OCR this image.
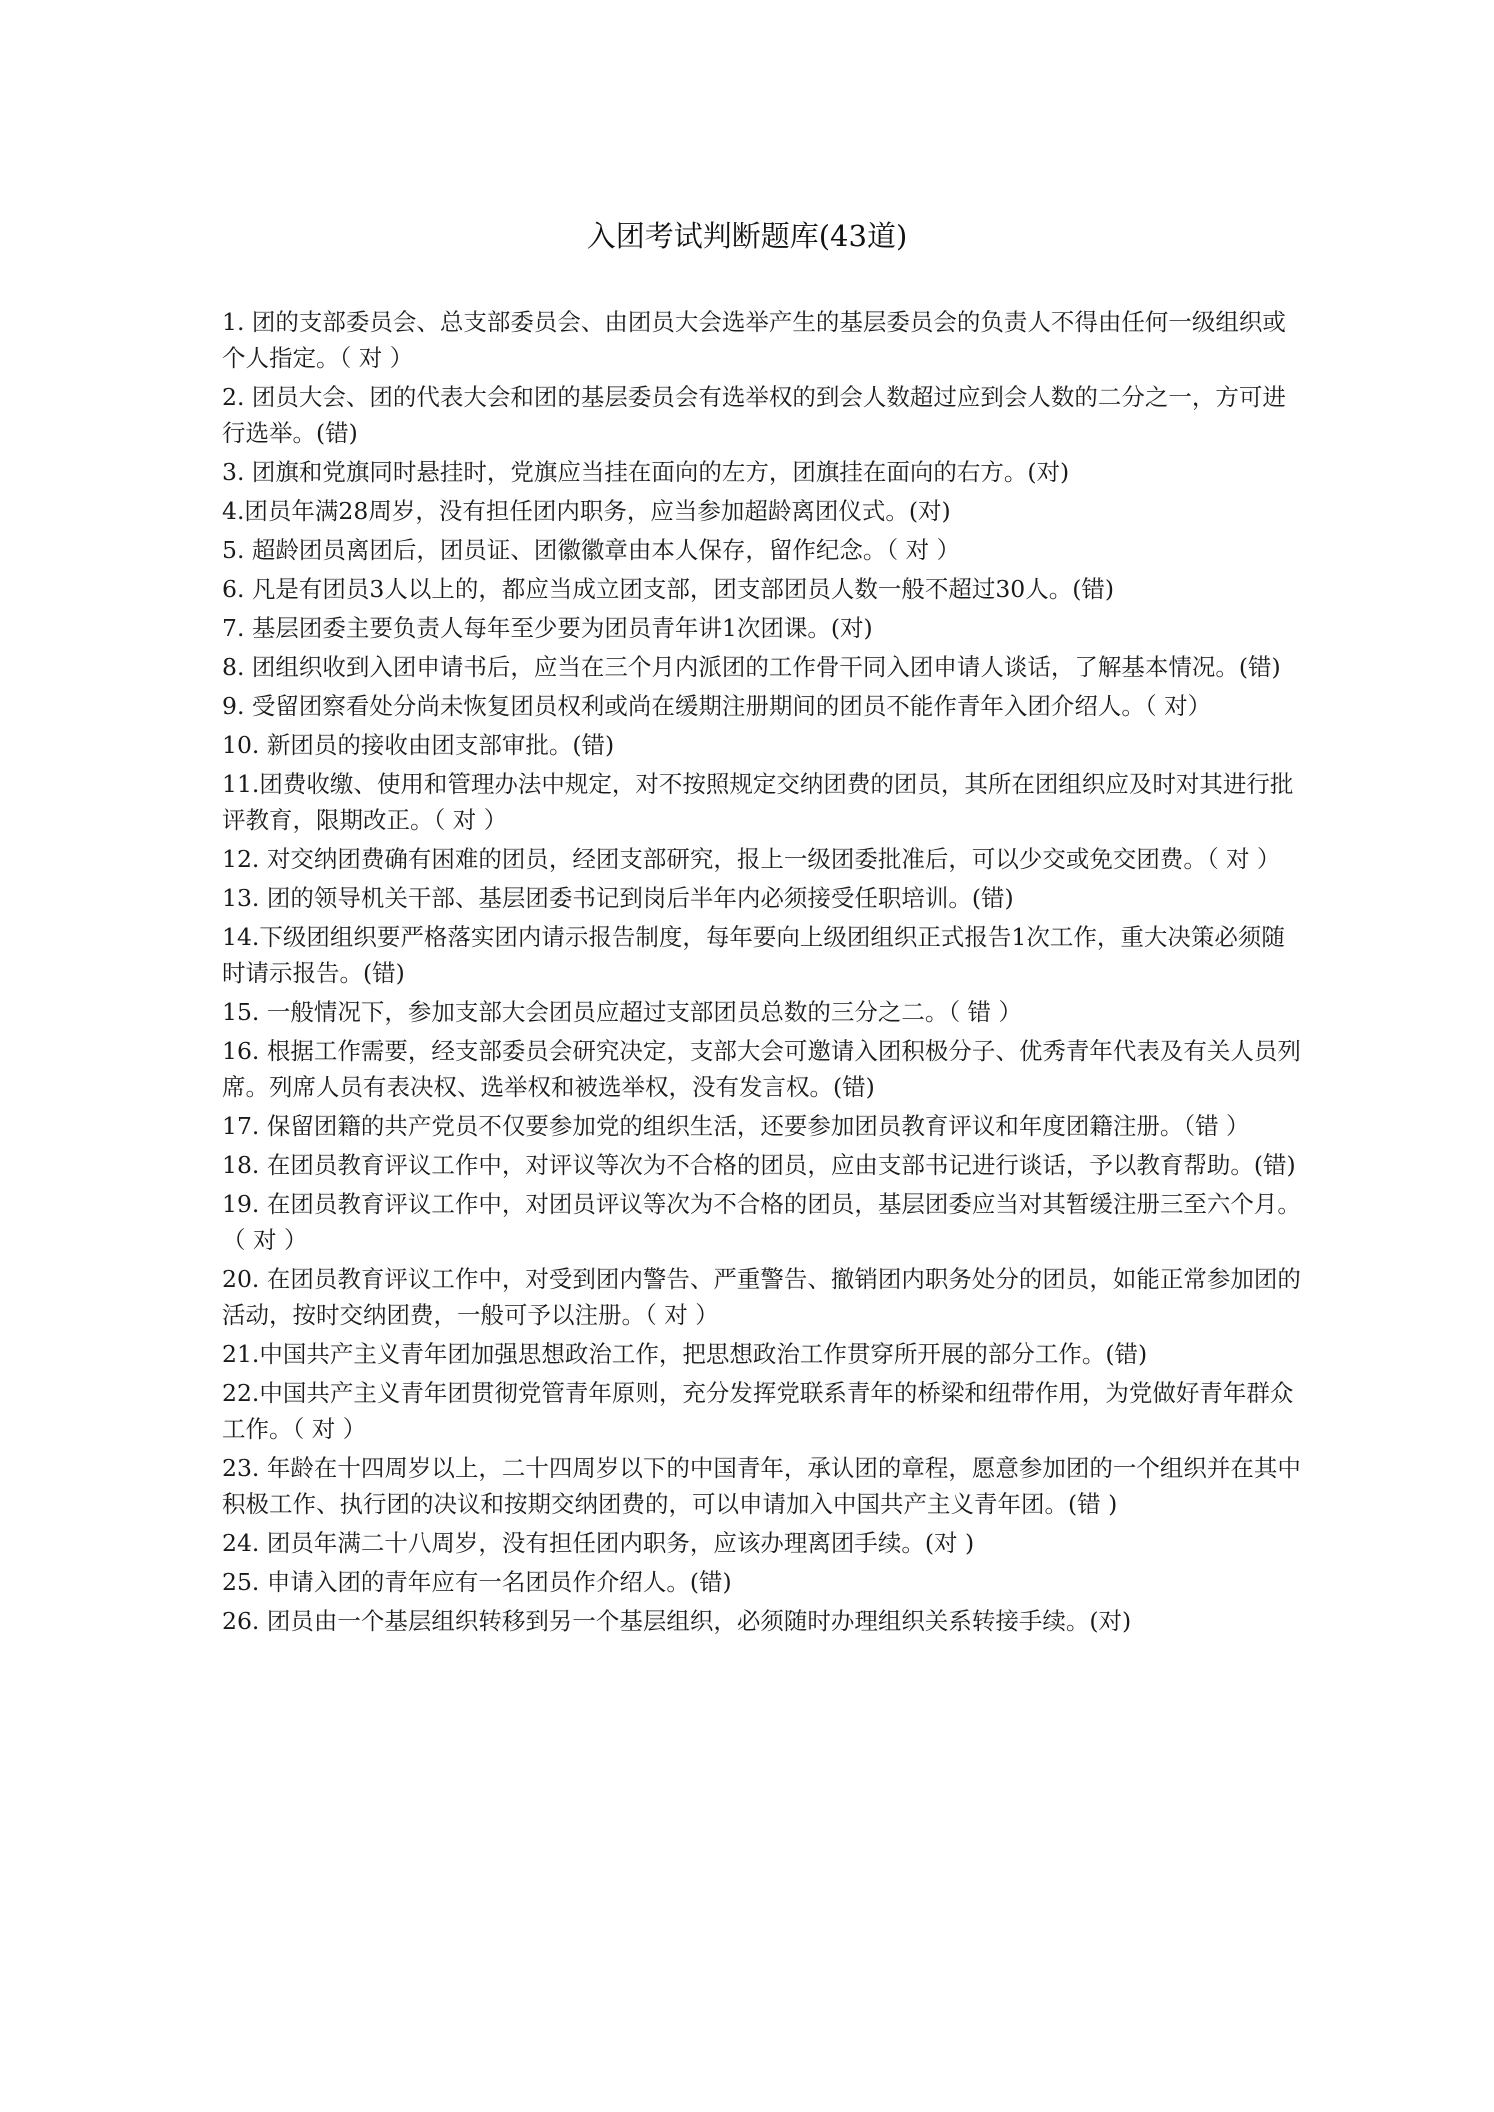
入团考试判断题库(43道)

1. 团的支部委员会、总支部委员会、由团员大会选举产生的基层委员会的负责人不得由任何一级组织或个人指定。（ 对 ）

2. 团员大会、团的代表大会和团的基层委员会有选举权的到会人数超过应到会人数的二分之一，方可进行选举。(错)

3. 团旗和党旗同时悬挂时，党旗应当挂在面向的左方，团旗挂在面向的右方。(对)

4.团员年满28周岁，没有担任团内职务，应当参加超龄离团仪式。(对)

5. 超龄团员离团后，团员证、团徽徽章由本人保存，留作纪念。（ 对 ）

6. 凡是有团员3人以上的，都应当成立团支部，团支部团员人数一般不超过30人。(错)

7. 基层团委主要负责人每年至少要为团员青年讲1次团课。(对)

8. 团组织收到入团申请书后，应当在三个月内派团的工作骨干同入团申请人谈话，了解基本情况。(错)

9. 受留团察看处分尚未恢复团员权利或尚在缓期注册期间的团员不能作青年入团介绍人。（ 对）

10. 新团员的接收由团支部审批。(错)

11.团费收缴、使用和管理办法中规定，对不按照规定交纳团费的团员，其所在团组织应及时对其进行批评教育，限期改正。（ 对 ）

12. 对交纳团费确有困难的团员，经团支部研究，报上一级团委批准后，可以少交或免交团费。（ 对 ）

13. 团的领导机关干部、基层团委书记到岗后半年内必须接受任职培训。(错)

14.下级团组织要严格落实团内请示报告制度，每年要向上级团组织正式报告1次工作，重大决策必须随时请示报告。(错)

15. 一般情况下，参加支部大会团员应超过支部团员总数的三分之二。（ 错 ）

16. 根据工作需要，经支部委员会研究决定，支部大会可邀请入团积极分子、优秀青年代表及有关人员列席。列席人员有表决权、选举权和被选举权，没有发言权。(错)

17. 保留团籍的共产党员不仅要参加党的组织生活，还要参加团员教育评议和年度团籍注册。（错 ）

18. 在团员教育评议工作中，对评议等次为不合格的团员，应由支部书记进行谈话，予以教育帮助。(错)

19. 在团员教育评议工作中，对团员评议等次为不合格的团员，基层团委应当对其暂缓注册三至六个月。（ 对 ）

20. 在团员教育评议工作中，对受到团内警告、严重警告、撤销团内职务处分的团员，如能正常参加团的活动，按时交纳团费，一般可予以注册。（ 对 ）

21.中国共产主义青年团加强思想政治工作，把思想政治工作贯穿所开展的部分工作。(错)

22.中国共产主义青年团贯彻党管青年原则，充分发挥党联系青年的桥梁和纽带作用，为党做好青年群众工作。（ 对 ）

23. 年龄在十四周岁以上，二十四周岁以下的中国青年，承认团的章程，愿意参加团的一个组织并在其中积极工作、执行团的决议和按期交纳团费的，可以申请加入中国共产主义青年团。(错 )

24. 团员年满二十八周岁，没有担任团内职务，应该办理离团手续。(对 )

25. 申请入团的青年应有一名团员作介绍人。(错)

26. 团员由一个基层组织转移到另一个基层组织，必须随时办理组织关系转接手续。(对)
